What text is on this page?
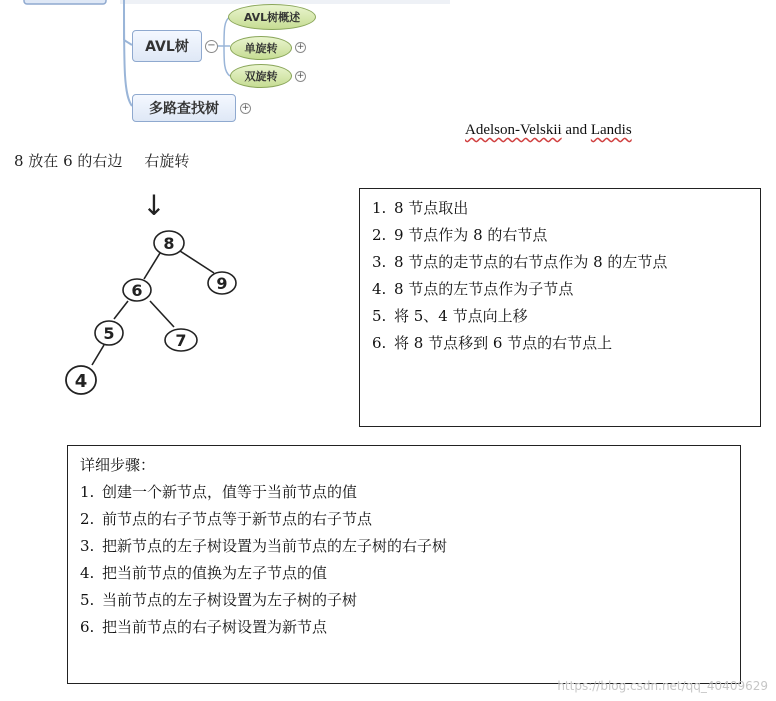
AVL树	−
AVL树概述
单旋转	+
双旋转	+
多路查找树	+
Adelson-Velskii and Landis
8 放在 6 的右边 右旋转
↓
8
9
6
5	7
4
1. 8 节点取出
2. 9 节点作为 8 的右节点
3. 8 节点的走节点的右节点作为 8 的左节点
4. 8 节点的左节点作为子节点
5. 将 5、4 节点向上移
6. 将 8 节点移到 6 节点的右节点上
详细步骤：
1. 创建一个新节点，值等于当前节点的值
2. 前节点的右子节点等于新节点的右子节点
3. 把新节点的左子树设置为当前节点的左子树的右子树
4. 把当前节点的值换为左子节点的值
5. 当前节点的左子树设置为左子树的子树
6. 把当前节点的右子树设置为新节点
https://blog.csdn.net/qq_40409629
